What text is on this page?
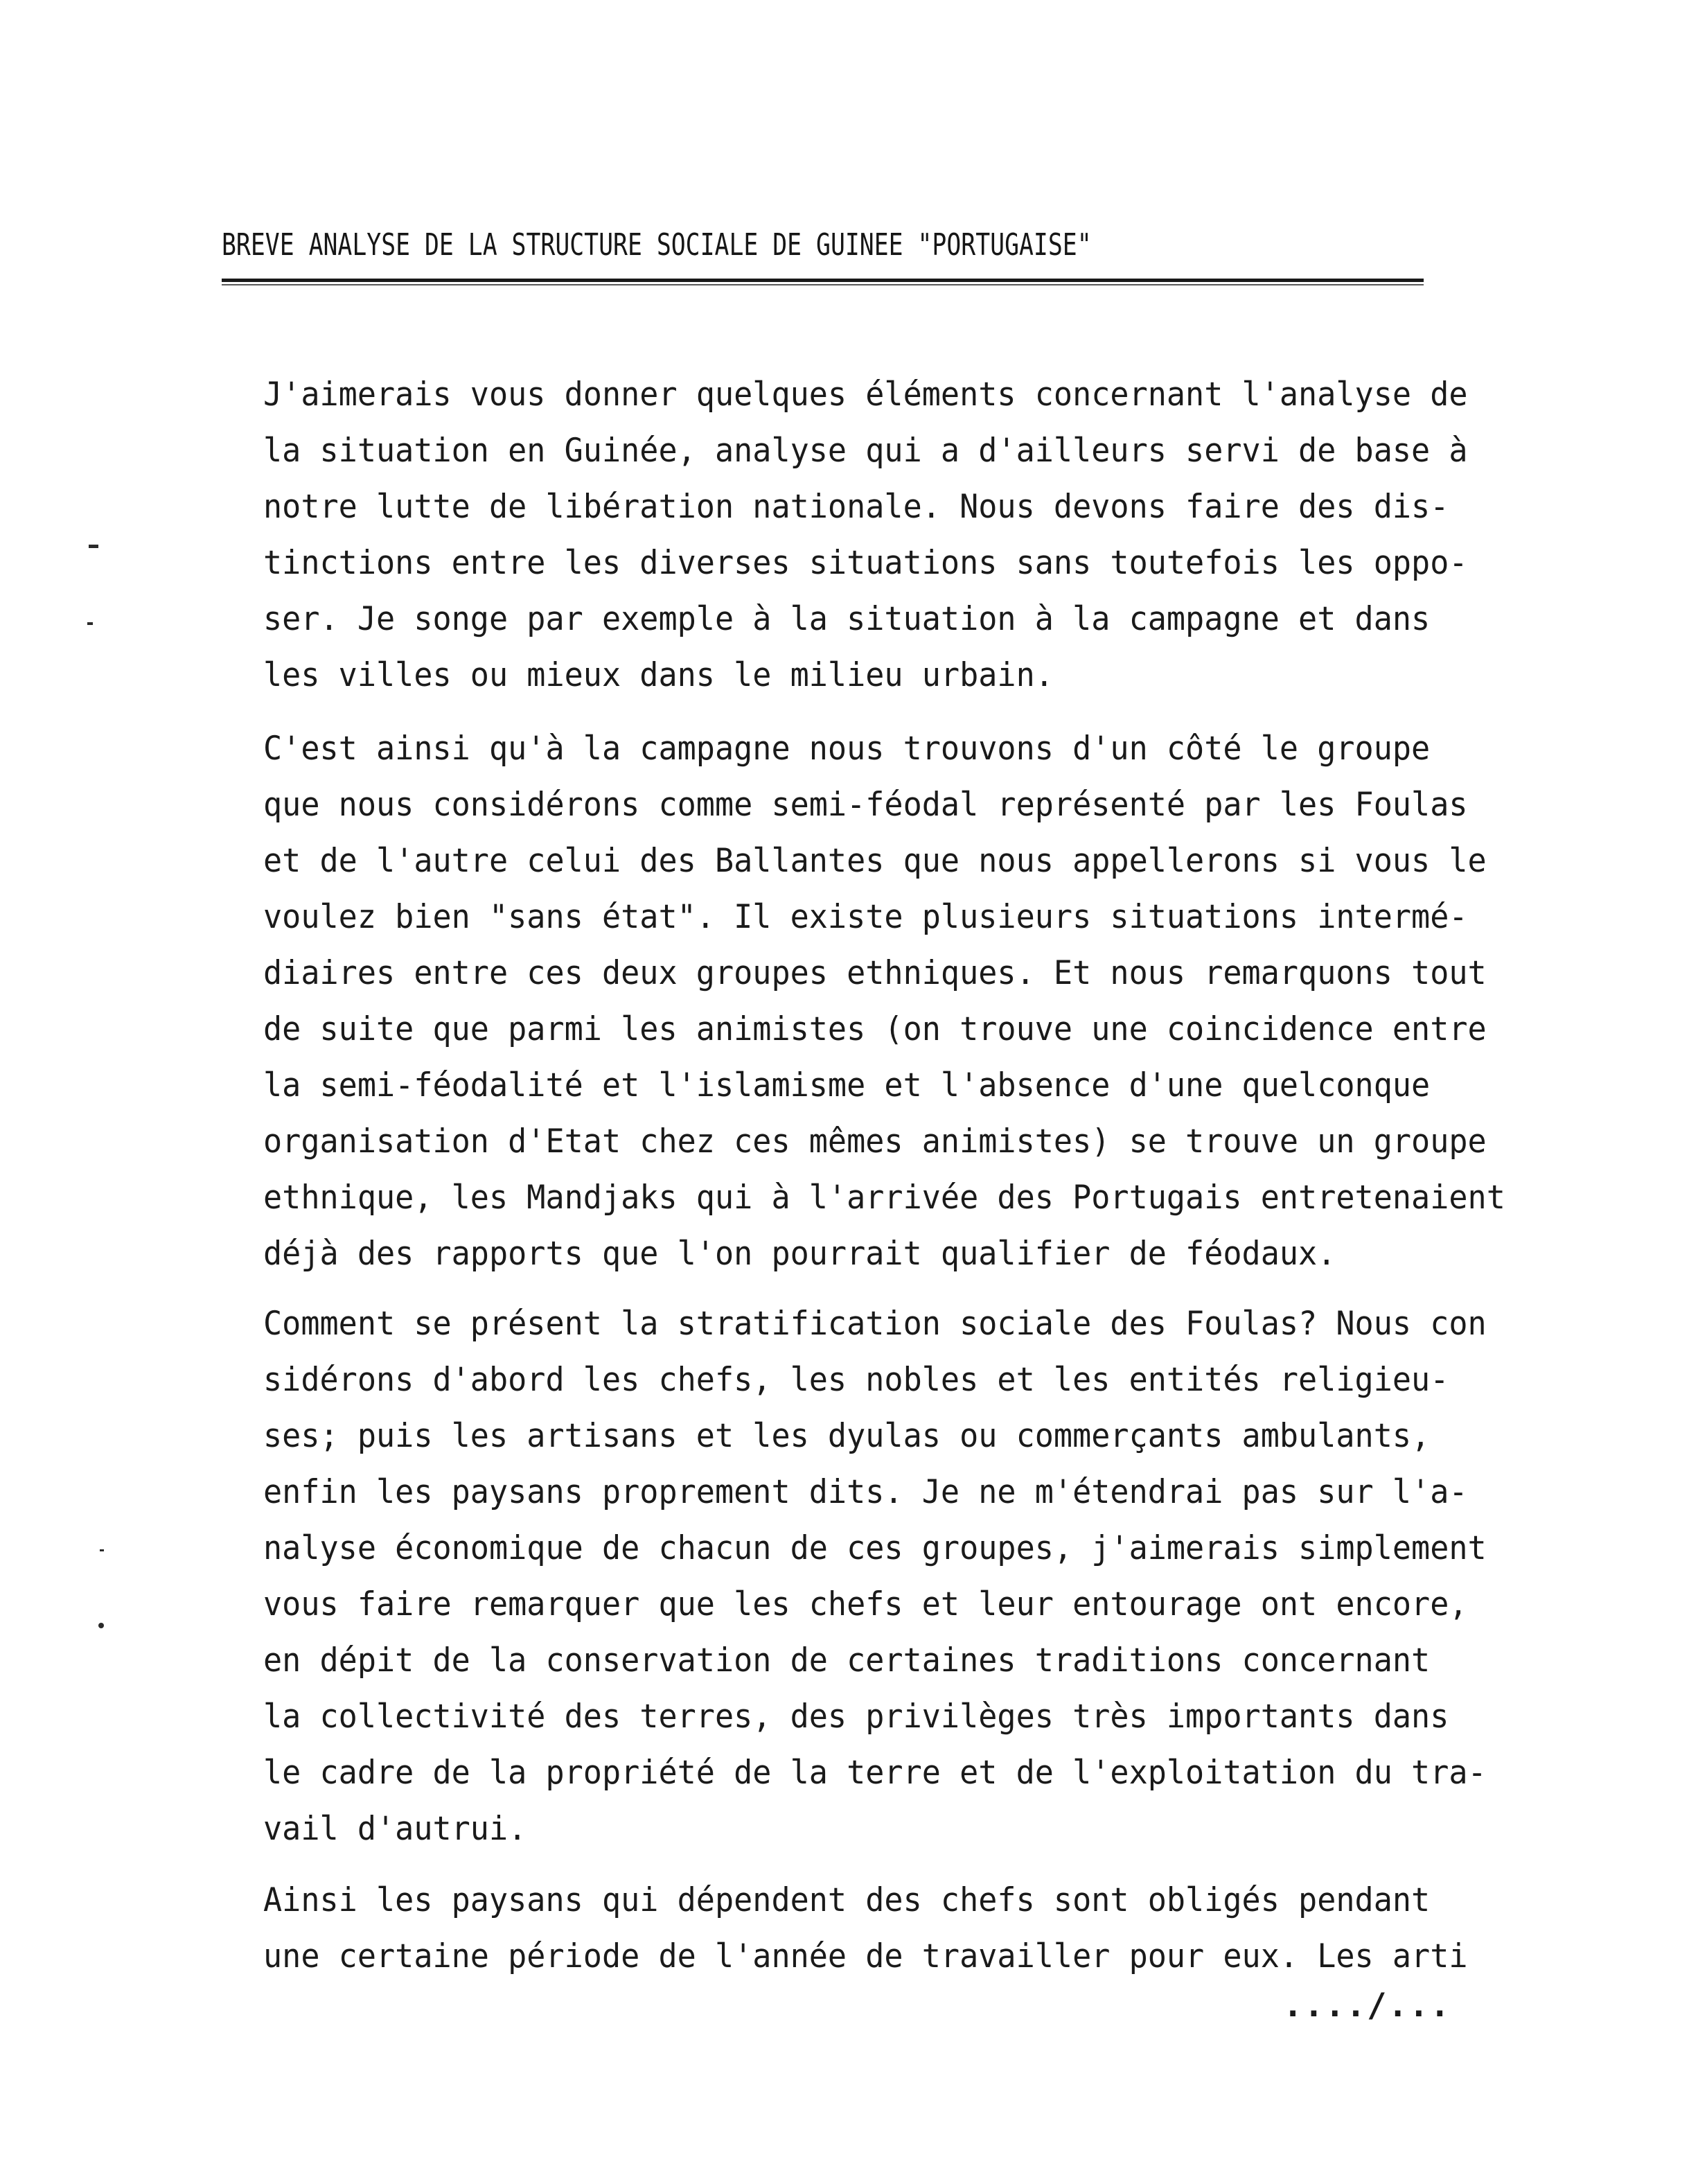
BREVE ANALYSE DE LA STRUCTURE SOCIALE DE GUINEE "PORTUGAISE"
J'aimerais vous donner quelques éléments concernant l'analyse de
la situation en Guinée, analyse qui a d'ailleurs servi de base à
notre lutte de libération nationale. Nous devons faire des dis-
tinctions entre les diverses situations sans toutefois les oppo-
ser. Je songe par exemple à la situation à la campagne et dans
les villes ou mieux dans le milieu urbain.
C'est ainsi qu'à la campagne nous trouvons d'un côté le groupe
que nous considérons comme semi-féodal représenté par les Foulas
et de l'autre celui des Ballantes que nous appellerons si vous le
voulez bien "sans état". Il existe plusieurs situations intermé-
diaires entre ces deux groupes ethniques. Et nous remarquons tout
de suite que parmi les animistes (on trouve une coincidence entre
la semi-féodalité et l'islamisme et l'absence d'une quelconque
organisation d'Etat chez ces mêmes animistes) se trouve un groupe
ethnique, les Mandjaks qui à l'arrivée des Portugais entretenaient
déjà des rapports que l'on pourrait qualifier de féodaux.
Comment se présent la stratification sociale des Foulas? Nous con
sidérons d'abord les chefs, les nobles et les entités religieu-
ses; puis les artisans et les dyulas ou commerçants ambulants,
enfin les paysans proprement dits. Je ne m'étendrai pas sur l'a-
nalyse économique de chacun de ces groupes, j'aimerais simplement
vous faire remarquer que les chefs et leur entourage ont encore,
en dépit de la conservation de certaines traditions concernant
la collectivité des terres, des privilèges très importants dans
le cadre de la propriété de la terre et de l'exploitation du tra-
vail d'autrui.
Ainsi les paysans qui dépendent des chefs sont obligés pendant
une certaine période de l'année de travailler pour eux. Les arti
..../...
